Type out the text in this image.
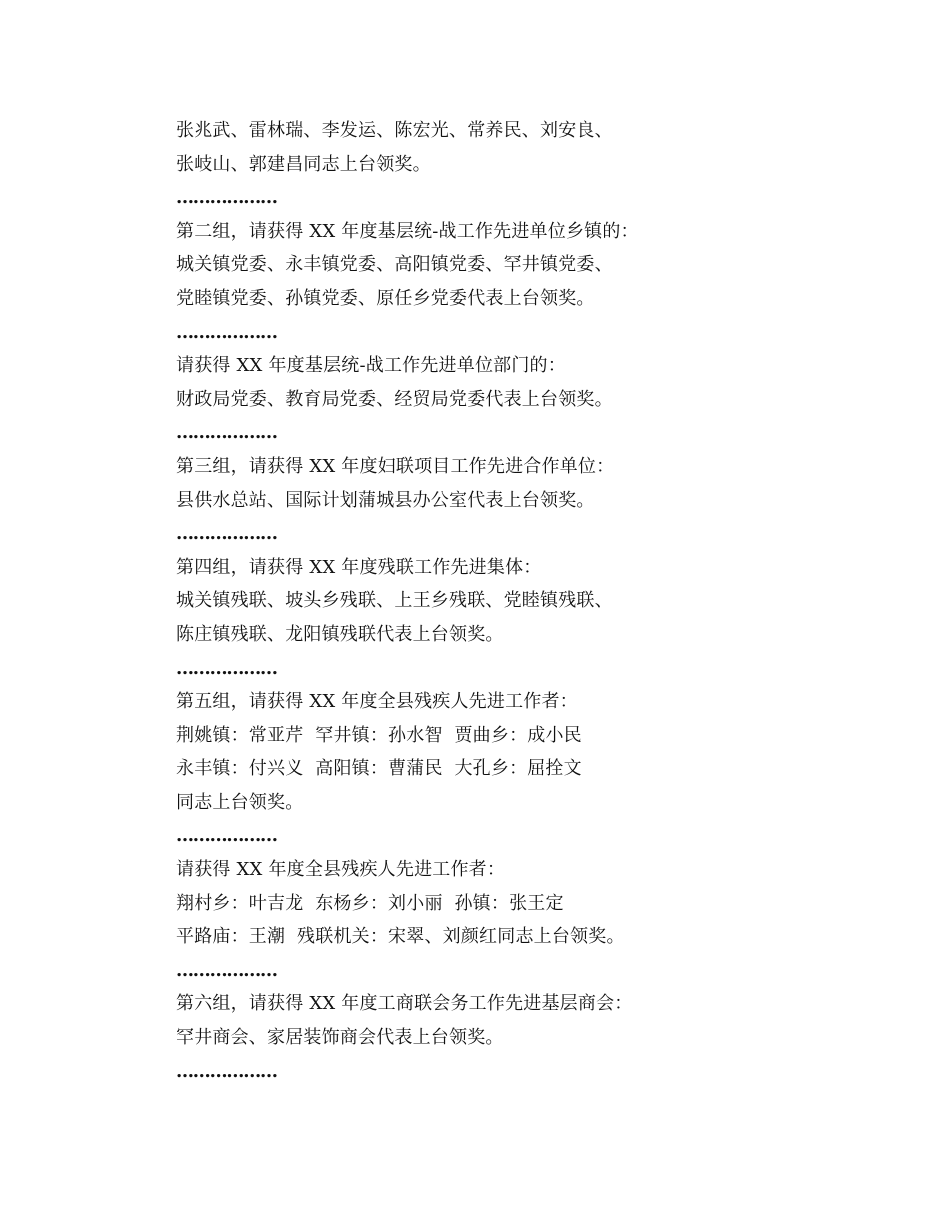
张兆武、雷林瑞、李发运、陈宏光、常养民、刘安良、
张岐山、郭建昌同志上台领奖。
………………
第二组，请获得 XX 年度基层统-战工作先进单位乡镇的：
城关镇党委、永丰镇党委、高阳镇党委、罕井镇党委、
党睦镇党委、孙镇党委、原任乡党委代表上台领奖。
………………
请获得 XX 年度基层统-战工作先进单位部门的：
财政局党委、教育局党委、经贸局党委代表上台领奖。
………………
第三组，请获得 XX 年度妇联项目工作先进合作单位：
县供水总站、国际计划蒲城县办公室代表上台领奖。
………………
第四组，请获得 XX 年度残联工作先进集体：
城关镇残联、坡头乡残联、上王乡残联、党睦镇残联、
陈庄镇残联、龙阳镇残联代表上台领奖。
………………
第五组，请获得 XX 年度全县残疾人先进工作者：
荆姚镇：常亚芹  罕井镇：孙水智  贾曲乡：成小民
永丰镇：付兴义  高阳镇：曹蒲民  大孔乡：屈拴文
同志上台领奖。
………………
请获得 XX 年度全县残疾人先进工作者：
翔村乡：叶吉龙  东杨乡：刘小丽  孙镇：张王定
平路庙：王潮  残联机关：宋翠、刘颜红同志上台领奖。
………………
第六组，请获得 XX 年度工商联会务工作先进基层商会：
罕井商会、家居装饰商会代表上台领奖。
………………
